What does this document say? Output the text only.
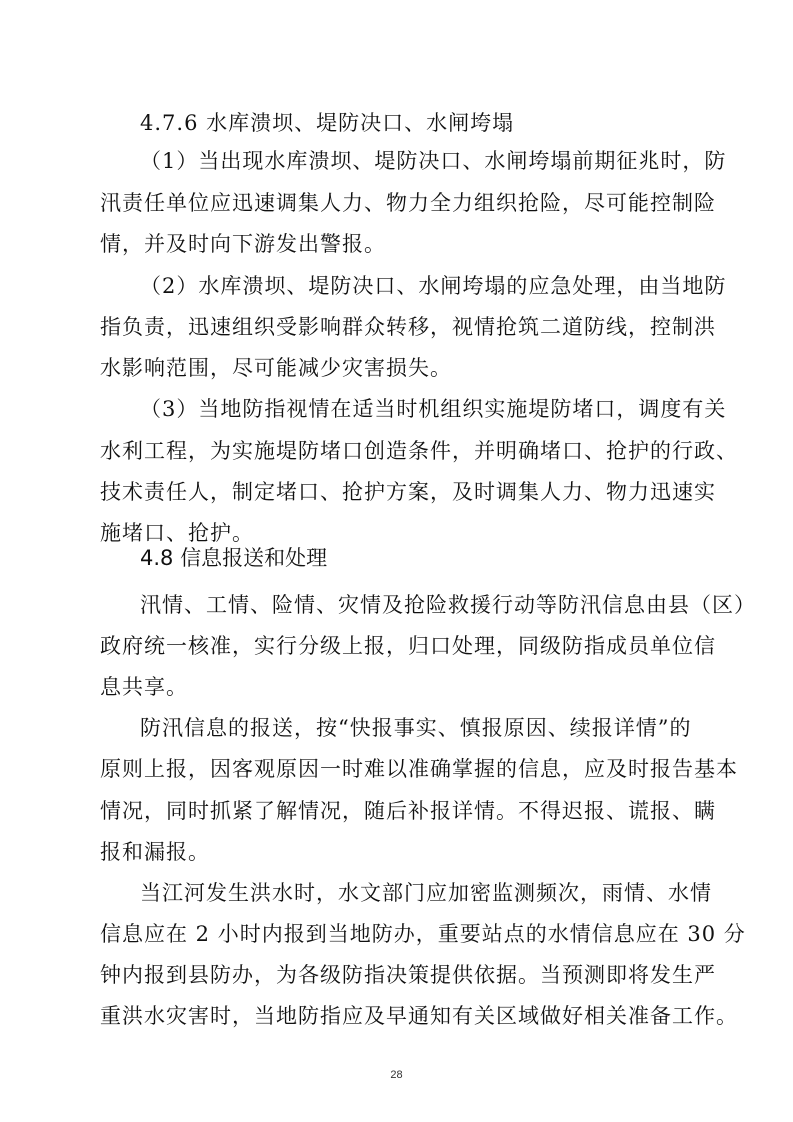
4.7.6 水库溃坝、堤防决口、水闸垮塌
（1）当出现水库溃坝、堤防决口、水闸垮塌前期征兆时，防
汛责任单位应迅速调集人力、物力全力组织抢险，尽可能控制险
情，并及时向下游发出警报。
（2）水库溃坝、堤防决口、水闸垮塌的应急处理，由当地防
指负责，迅速组织受影响群众转移，视情抢筑二道防线，控制洪
水影响范围，尽可能减少灾害损失。
（3）当地防指视情在适当时机组织实施堤防堵口，调度有关
水利工程，为实施堤防堵口创造条件，并明确堵口、抢护的行政、
技术责任人，制定堵口、抢护方案，及时调集人力、物力迅速实
施堵口、抢护。
4.8 信息报送和处理
汛情、工情、险情、灾情及抢险救援行动等防汛信息由县（区）
政府统一核准，实行分级上报，归口处理，同级防指成员单位信
息共享。
防汛信息的报送，按“快报事实、慎报原因、续报详情”的
原则上报，因客观原因一时难以准确掌握的信息，应及时报告基本
情况，同时抓紧了解情况，随后补报详情。不得迟报、谎报、瞒
报和漏报。
当江河发生洪水时，水文部门应加密监测频次，雨情、水情
信息应在 2 小时内报到当地防办，重要站点的水情信息应在 30 分
钟内报到县防办，为各级防指决策提供依据。当预测即将发生严
重洪水灾害时，当地防指应及早通知有关区域做好相关准备工作。
28
